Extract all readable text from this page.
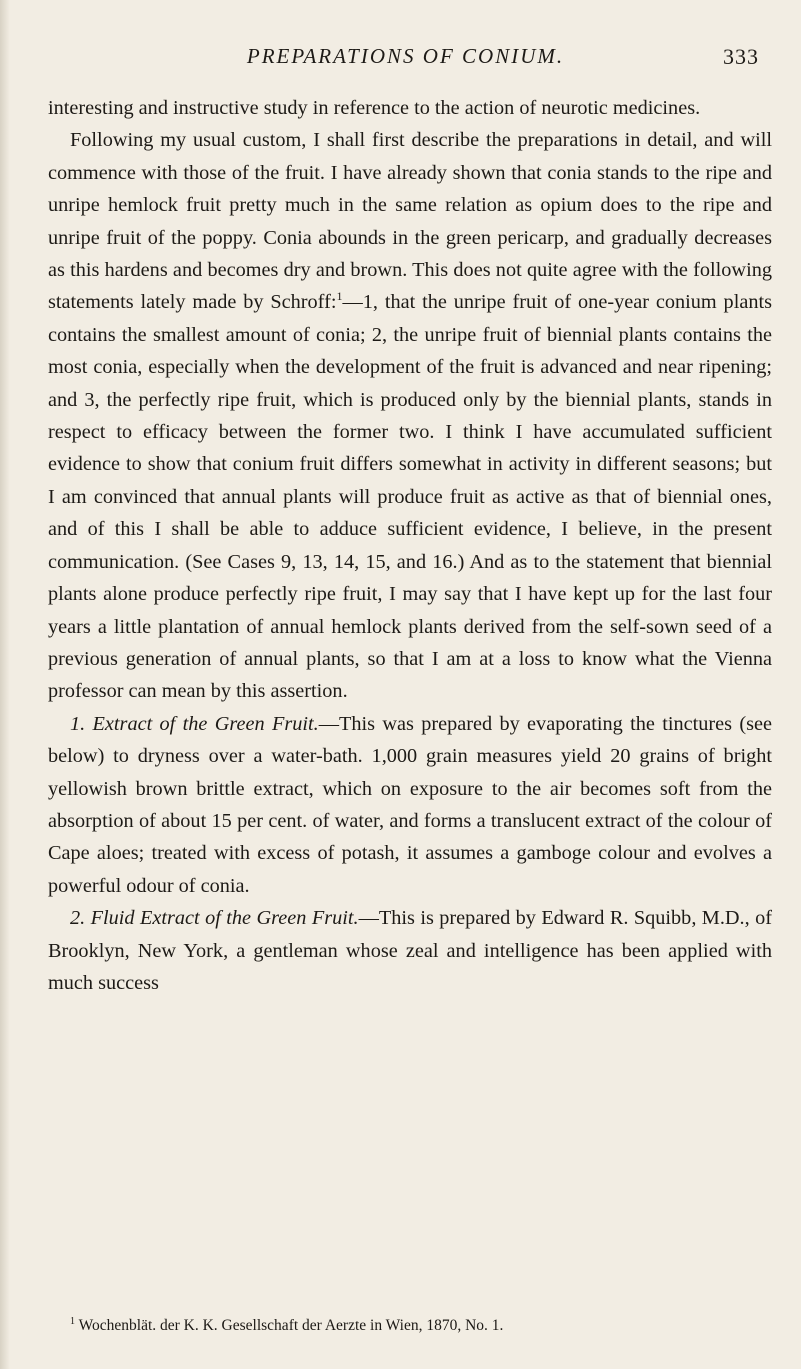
PREPARATIONS OF CONIUM.	333

interesting and instructive study in reference to the action of neurotic medicines.

Following my usual custom, I shall first describe the preparations in detail, and will commence with those of the fruit. I have already shown that conia stands to the ripe and unripe hemlock fruit pretty much in the same relation as opium does to the ripe and unripe fruit of the poppy. Conia abounds in the green pericarp, and gradually decreases as this hardens and becomes dry and brown. This does not quite agree with the following statements lately made by Schroff:$^1$—1, that the unripe fruit of one-year conium plants contains the smallest amount of conia; 2, the unripe fruit of biennial plants contains the most conia, especially when the development of the fruit is advanced and near ripening; and 3, the perfectly ripe fruit, which is produced only by the biennial plants, stands in respect to efficacy between the former two. I think I have accumulated sufficient evidence to show that conium fruit differs somewhat in activity in different seasons; but I am convinced that annual plants will produce fruit as active as that of biennial ones, and of this I shall be able to adduce sufficient evidence, I believe, in the present communication. (See Cases 9, 13, 14, 15, and 16.) And as to the statement that biennial plants alone produce perfectly ripe fruit, I may say that I have kept up for the last four years a little plantation of annual hemlock plants derived from the self-sown seed of a previous generation of annual plants, so that I am at a loss to know what the Vienna professor can mean by this assertion.

1. Extract of the Green Fruit.—This was prepared by evaporating the tinctures (see below) to dryness over a water-bath. 1,000 grain measures yield 20 grains of bright yellowish brown brittle extract, which on exposure to the air becomes soft from the absorption of about 15 per cent. of water, and forms a translucent extract of the colour of Cape aloes; treated with excess of potash, it assumes a gamboge colour and evolves a powerful odour of conia.

2. Fluid Extract of the Green Fruit.—This is prepared by Edward R. Squibb, M.D., of Brooklyn, New York, a gentleman whose zeal and intelligence has been applied with much success

$^1$ Wochenblät. der K. K. Gesellschaft der Aerzte in Wien, 1870, No. 1.
